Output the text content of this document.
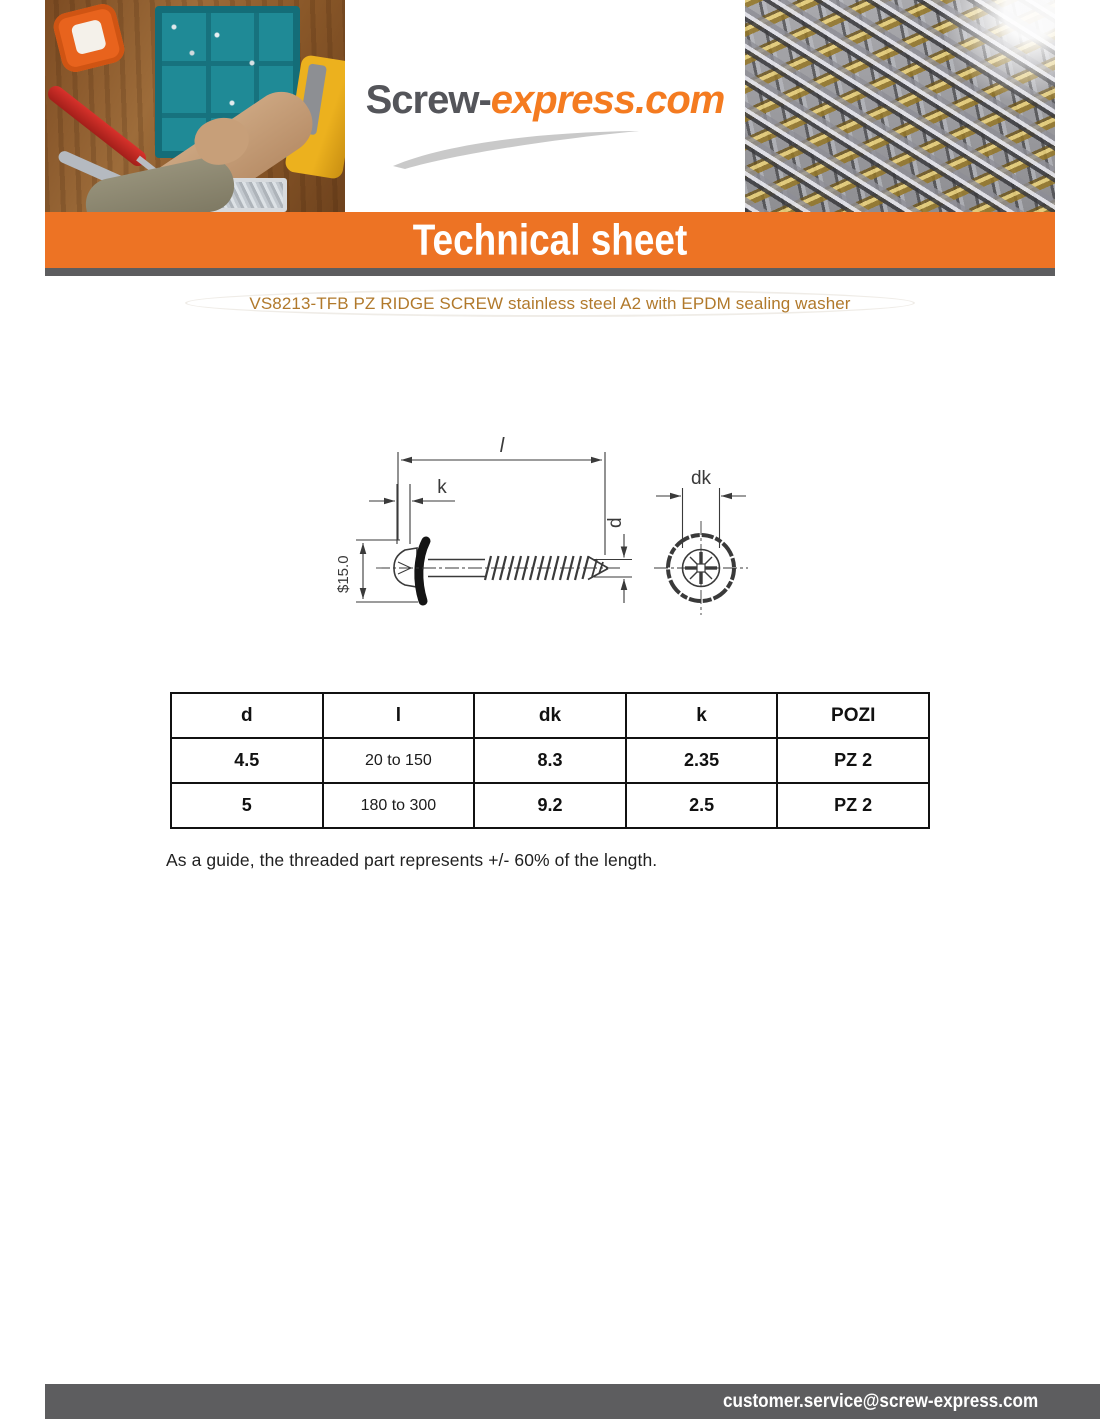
Screw-express.com
Technical sheet
VS8213-TFB PZ RIDGE SCREW stainless steel A2 with EPDM sealing washer
l
k
$15.0
d
dk
d	l	dk	k	POZI
4.5	20 to 150	8.3	2.35	PZ 2
5	180 to 300	9.2	2.5	PZ 2
As a guide, the threaded part represents +/- 60% of the length.
customer.service@screw-express.com
